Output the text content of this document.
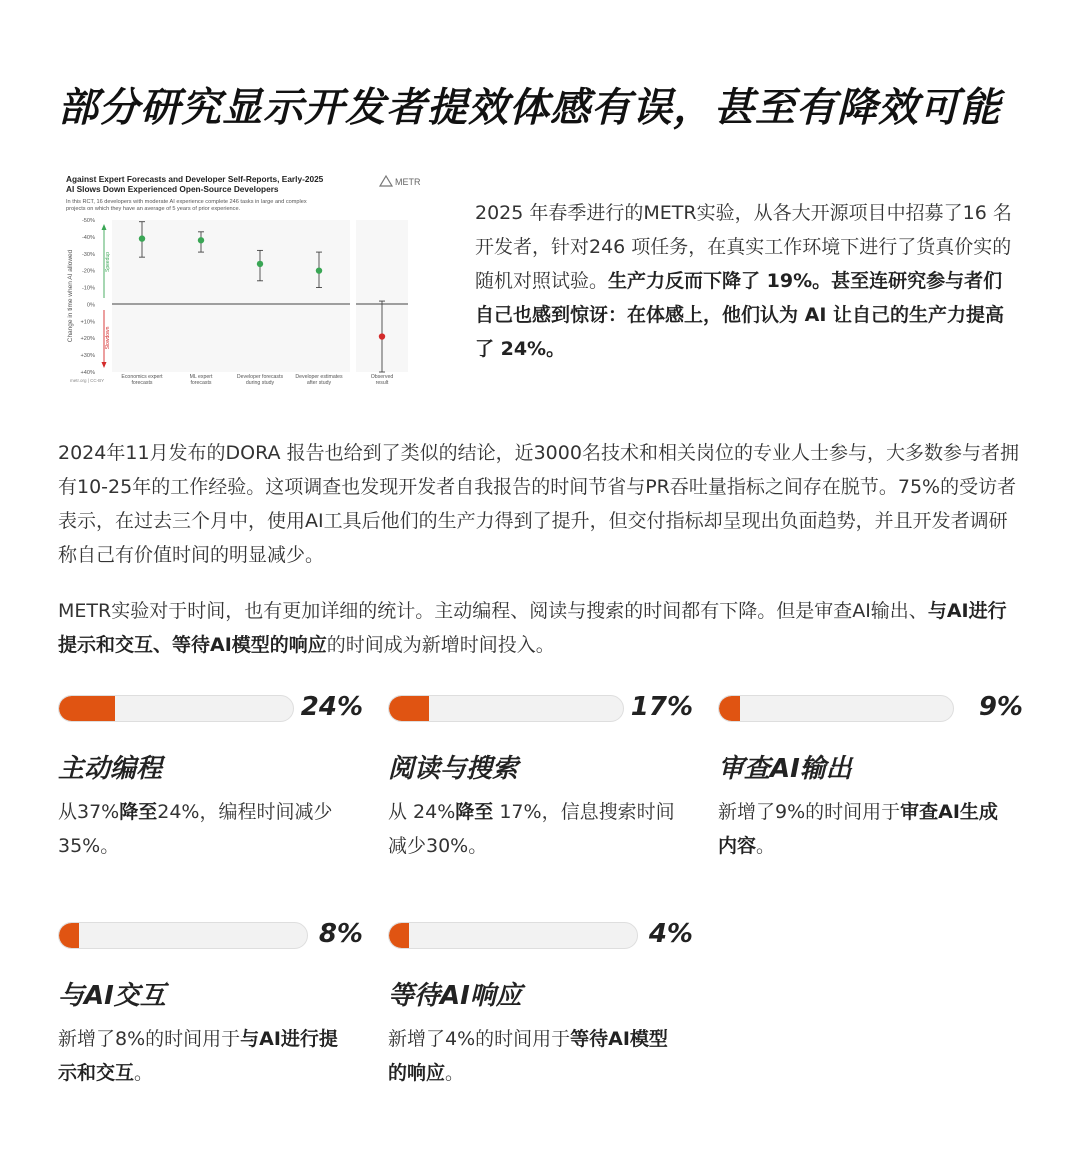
部分研究显示开发者提效体感有误，甚至有降效可能
Against Expert Forecasts and Developer Self-Reports, Early-2025
AI Slows Down Experienced Open-Source Developers
METR
In this RCT, 16 developers with moderate AI experience complete 246 tasks in large and complex
projects on which they have an average of 5 years of prior experience.
Change in time when AI allowed	Speedup
Slowdown
-50%
-40%
-30%
-20%
-10%
0%
+10%
+20%
+30%
+40%
Economics expert
forecasts
ML expert
forecasts
Developer forecasts
during study
Developer estimates
after study
Observed
result
metr.org | CC-BY
2025 年春季进行的METR实验，从各大开源项目中招募了16 名开发者，针对246 项任务，在真实工作环境下进行了货真价实的随机对照试验。生产力反而下降了 19%。甚至连研究参与者们自己也感到惊讶：在体感上，他们认为 AI 让自己的生产力提高了 24%。
2024年11月发布的DORA 报告也给到了类似的结论，近3000名技术和相关岗位的专业人士参与，大多数参与者拥有10-25年的工作经验。这项调查也发现开发者自我报告的时间节省与PR吞吐量指标之间存在脱节。75%的受访者表示，在过去三个月中，使用AI工具后他们的生产力得到了提升，但交付指标却呈现出负面趋势，并且开发者调研称自己有价值时间的明显减少。
METR实验对于时间，也有更加详细的统计。主动编程、阅读与搜索的时间都有下降。但是审查AI输出、与AI进行提示和交互、等待AI模型的响应的时间成为新增时间投入。
24%
主动编程
从37%降至24%，编程时间减少35%。
17%
阅读与搜索
从 24%降至 17%，信息搜索时间减少30%。
9%
审查AI输出
新增了9%的时间用于审查AI生成内容。
8%
与AI交互
新增了8%的时间用于与AI进行提示和交互。
4%
等待AI响应
新增了4%的时间用于等待AI模型的响应。
